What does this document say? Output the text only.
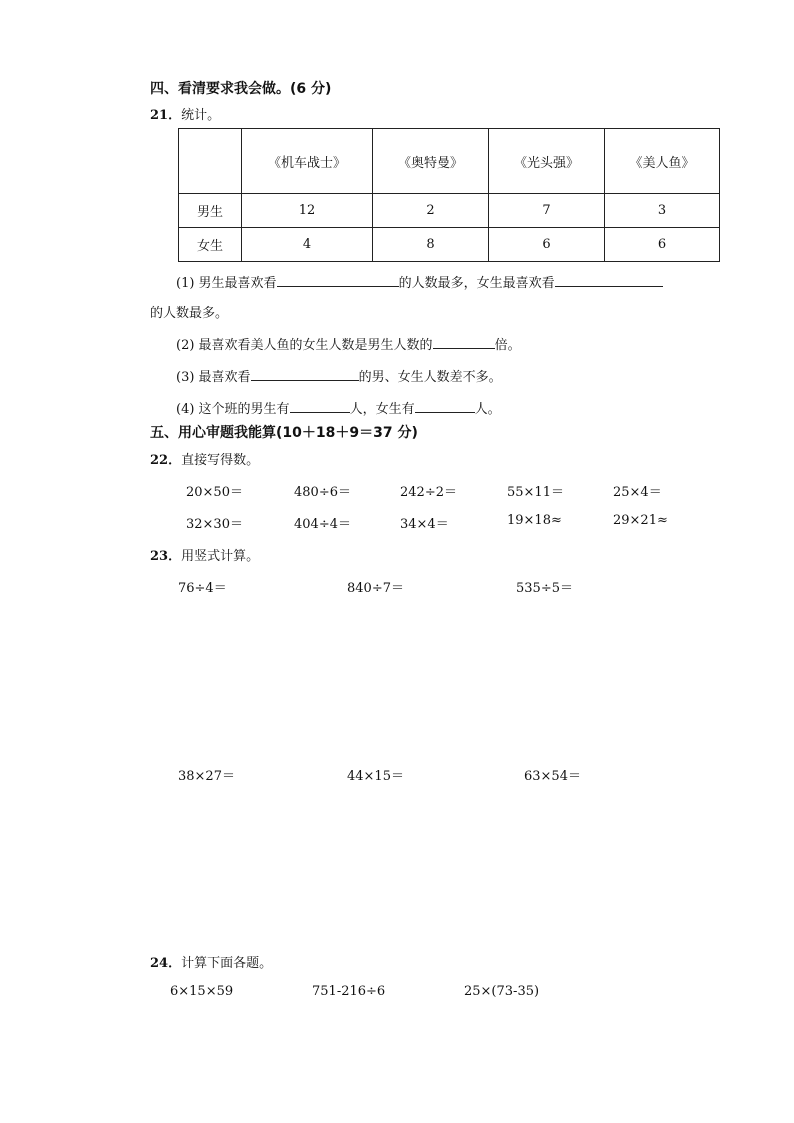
四、看清要求我会做。(6 分)
21．统计。
	《机车战士》	《奥特曼》	《光头强》	《美人鱼》
男生	12	2	7	3
女生	4	8	6	6
(1) 男生最喜欢看	的人数最多，女生最喜欢看
的人数最多。
(2) 最喜欢看美人鱼的女生人数是男生人数的	倍。
(3) 最喜欢看	的男、女生人数差不多。
(4) 这个班的男生有	人，女生有	人。
五、用心审题我能算(10＋18＋9＝37 分)
22．直接写得数。
20×50＝	480÷6＝	242÷2＝	55×11＝	25×4＝
32×30＝	404÷4＝	34×4＝	19×18≈	29×21≈
23．用竖式计算。
76÷4＝	840÷7＝	535÷5＝
38×27＝	44×15＝	63×54＝
24．计算下面各题。
6×15×59	751-216÷6	25×(73-35)
